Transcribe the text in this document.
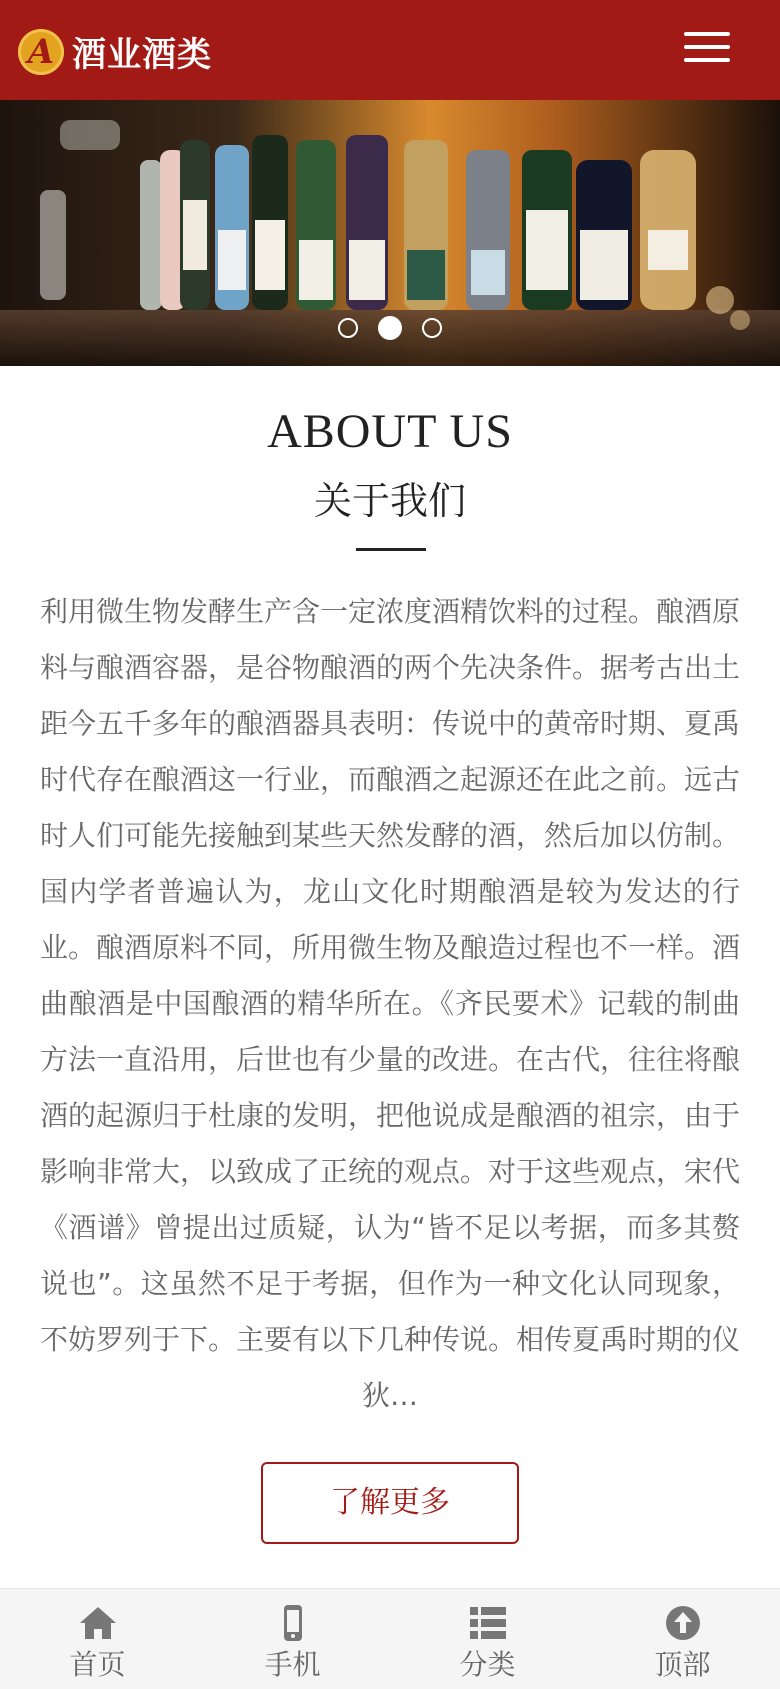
A
酒业酒类
ABOUT US
关于我们

利用微生物发酵生产含一定浓度酒精饮料的过程。酿酒原料与酿酒容器，是谷物酿酒的两个先决条件。据考古出土距今五千多年的酿酒器具表明：传说中的黄帝时期、夏禹时代存在酿酒这一行业，而酿酒之起源还在此之前。远古时人们可能先接触到某些天然发酵的酒，然后加以仿制。 国内学者普遍认为，龙山文化时期酿酒是较为发达的行业。酿酒原料不同，所用微生物及酿造过程也不一样。酒曲酿酒是中国酿酒的精华所在。《齐民要术》记载的制曲方法一直沿用，后世也有少量的改进。在古代，往往将酿酒的起源归于杜康的发明，把他说成是酿酒的祖宗，由于影响非常大，以致成了正统的观点。对于这些观点，宋代《酒谱》曾提出过质疑，认为“皆不足以考据，而多其赘说也”。这虽然不足于考据，但作为一种文化认同现象，不妨罗列于下。主要有以下几种传说。相传夏禹时期的仪
狄…

了解更多
首页	手机	分类	顶部
